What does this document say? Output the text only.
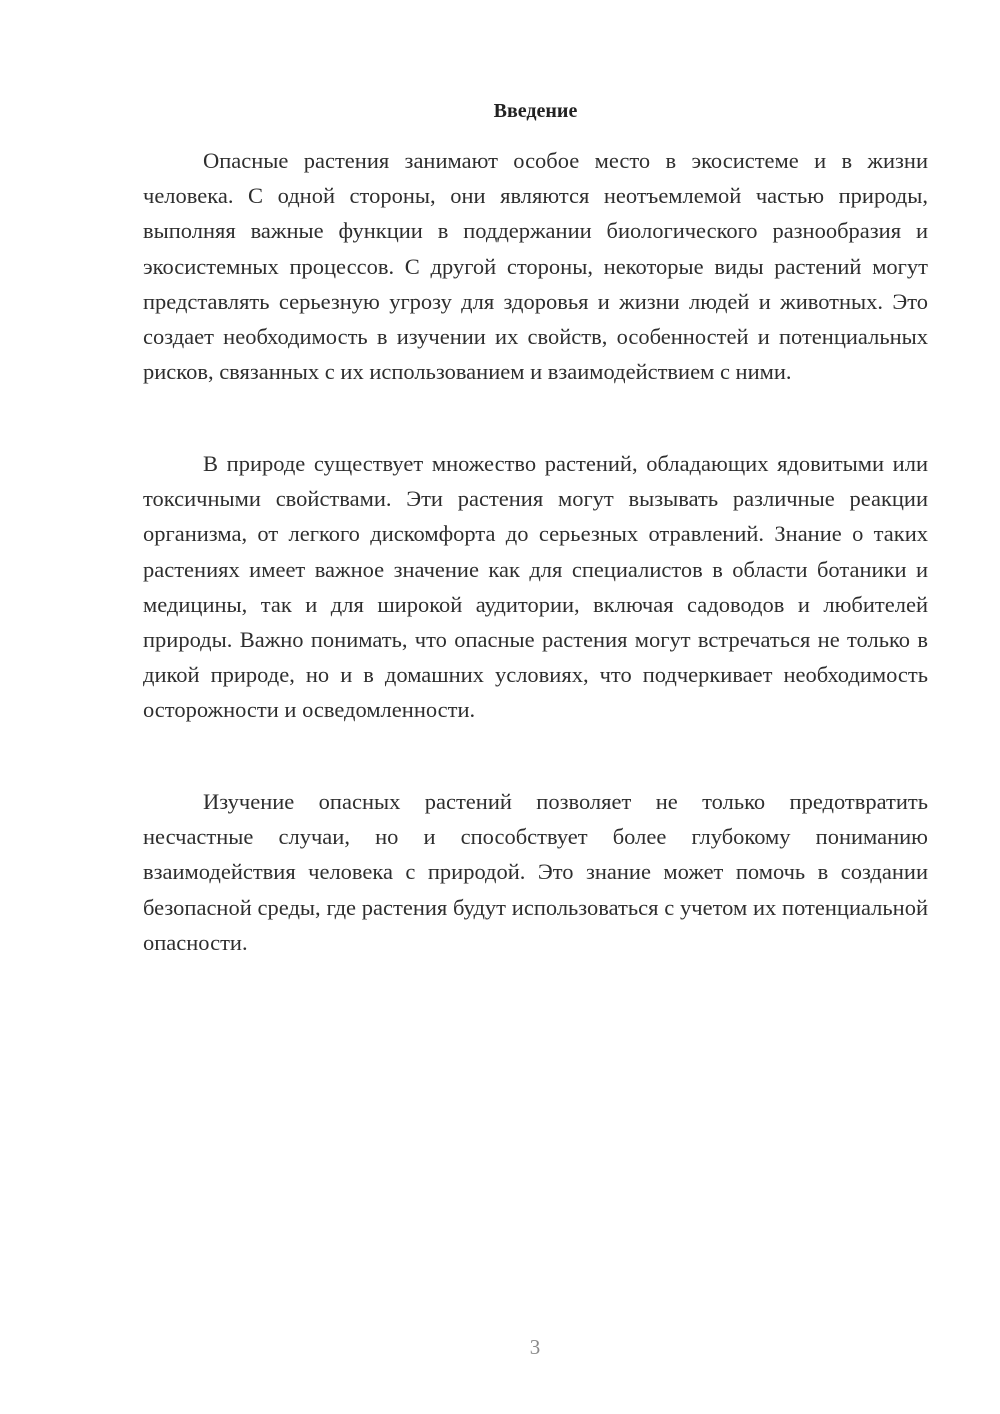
Введение

Опасные растения занимают особое место в экосистеме и в жизни человека. С одной стороны, они являются неотъемлемой частью природы, выполняя важные функции в поддержании биологического разнообразия и экосистемных процессов. С другой стороны, некоторые виды растений могут представлять серьезную угрозу для здоровья и жизни людей и животных. Это создает необходимость в изучении их свойств, особенностей и потенциальных рисков, связанных с их использованием и взаимодействием с ними.

В природе существует множество растений, обладающих ядовитыми или токсичными свойствами. Эти растения могут вызывать различные реакции организма, от легкого дискомфорта до серьезных отравлений. Знание о таких растениях имеет важное значение как для специалистов в области ботаники и медицины, так и для широкой аудитории, включая садоводов и любителей природы. Важно понимать, что опасные растения могут встречаться не только в дикой природе, но и в домашних условиях, что подчеркивает необходимость осторожности и осведомленности.

Изучение опасных растений позволяет не только предотвратить несчастные случаи, но и способствует более глубокому пониманию взаимодействия человека с природой. Это знание может помочь в создании безопасной среды, где растения будут использоваться с учетом их потенциальной опасности.

3
